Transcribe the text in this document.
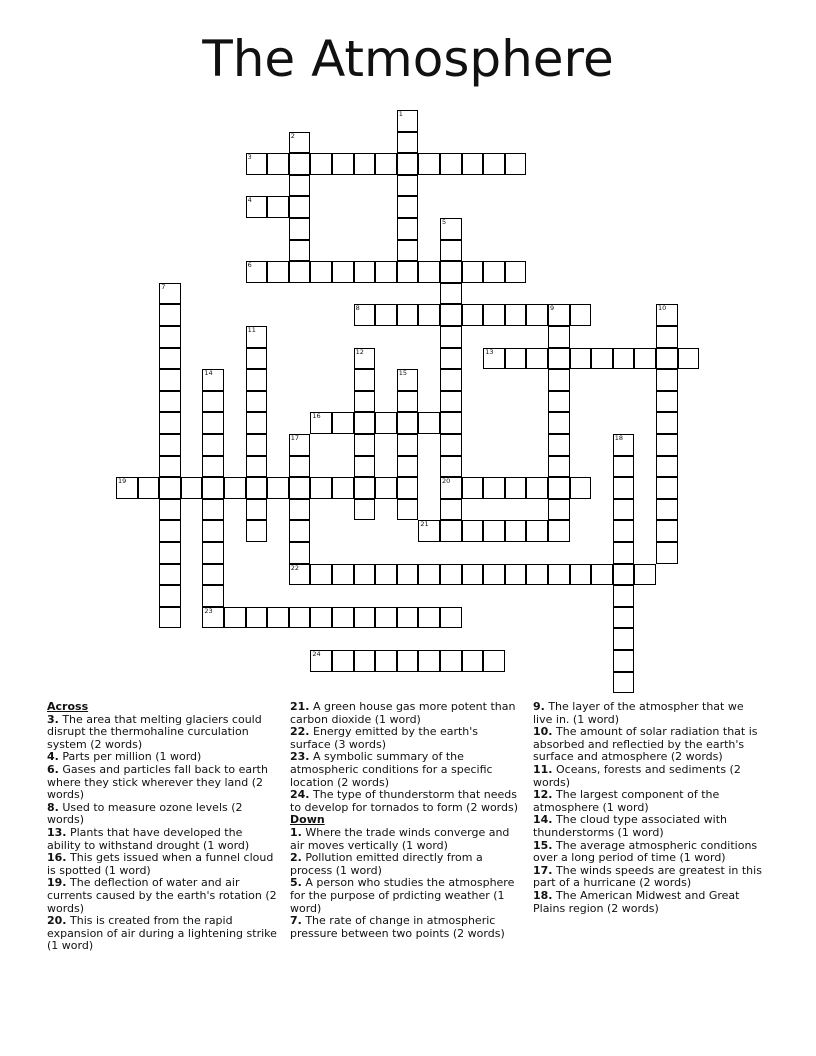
The Atmosphere
1
2
3
4
5
20
6
7
8	9	10
11
12	13
14
23
15
16
17
22
18
19
21
24
Across

3. The area that melting glaciers could disrupt the thermohaline curculation system (2 words)

4. Parts per million (1 word)

6. Gases and particles fall back to earth where they stick wherever they land (2 words)

8. Used to measure ozone levels (2 words)

13. Plants that have developed the ability to withstand drought (1 word)

16. This gets issued when a funnel cloud is spotted (1 word)

19. The deflection of water and air currents caused by the earth's rotation (2 words)

20. This is created from the rapid expansion of air during a lightening strike (1 word)

21. A green house gas more potent than carbon dioxide (1 word)

22. Energy emitted by the earth's surface (3 words)

23. A symbolic summary of the atmospheric conditions for a specific location (2 words)

24. The type of thunderstorm that needs to develop for tornados to form (2 words)

Down

1. Where the trade winds converge and air moves vertically (1 word)

2. Pollution emitted directly from a process (1 word)

5. A person who studies the atmosphere for the purpose of prdicting weather (1 word)

7. The rate of change in atmospheric pressure between two points (2 words)

9. The layer of the atmospher that we live in. (1 word)

10. The amount of solar radiation that is absorbed and reflectied by the earth's surface and atmosphere (2 words)

11. Oceans, forests and sediments (2 words)

12. The largest component of the atmosphere (1 word)

14. The cloud type associated with thunderstorms (1 word)

15. The average atmospheric conditions over a long period of time (1 word)

17. The winds speeds are greatest in this part of a hurricane (2 words)

18. The American Midwest and Great Plains region (2 words)
